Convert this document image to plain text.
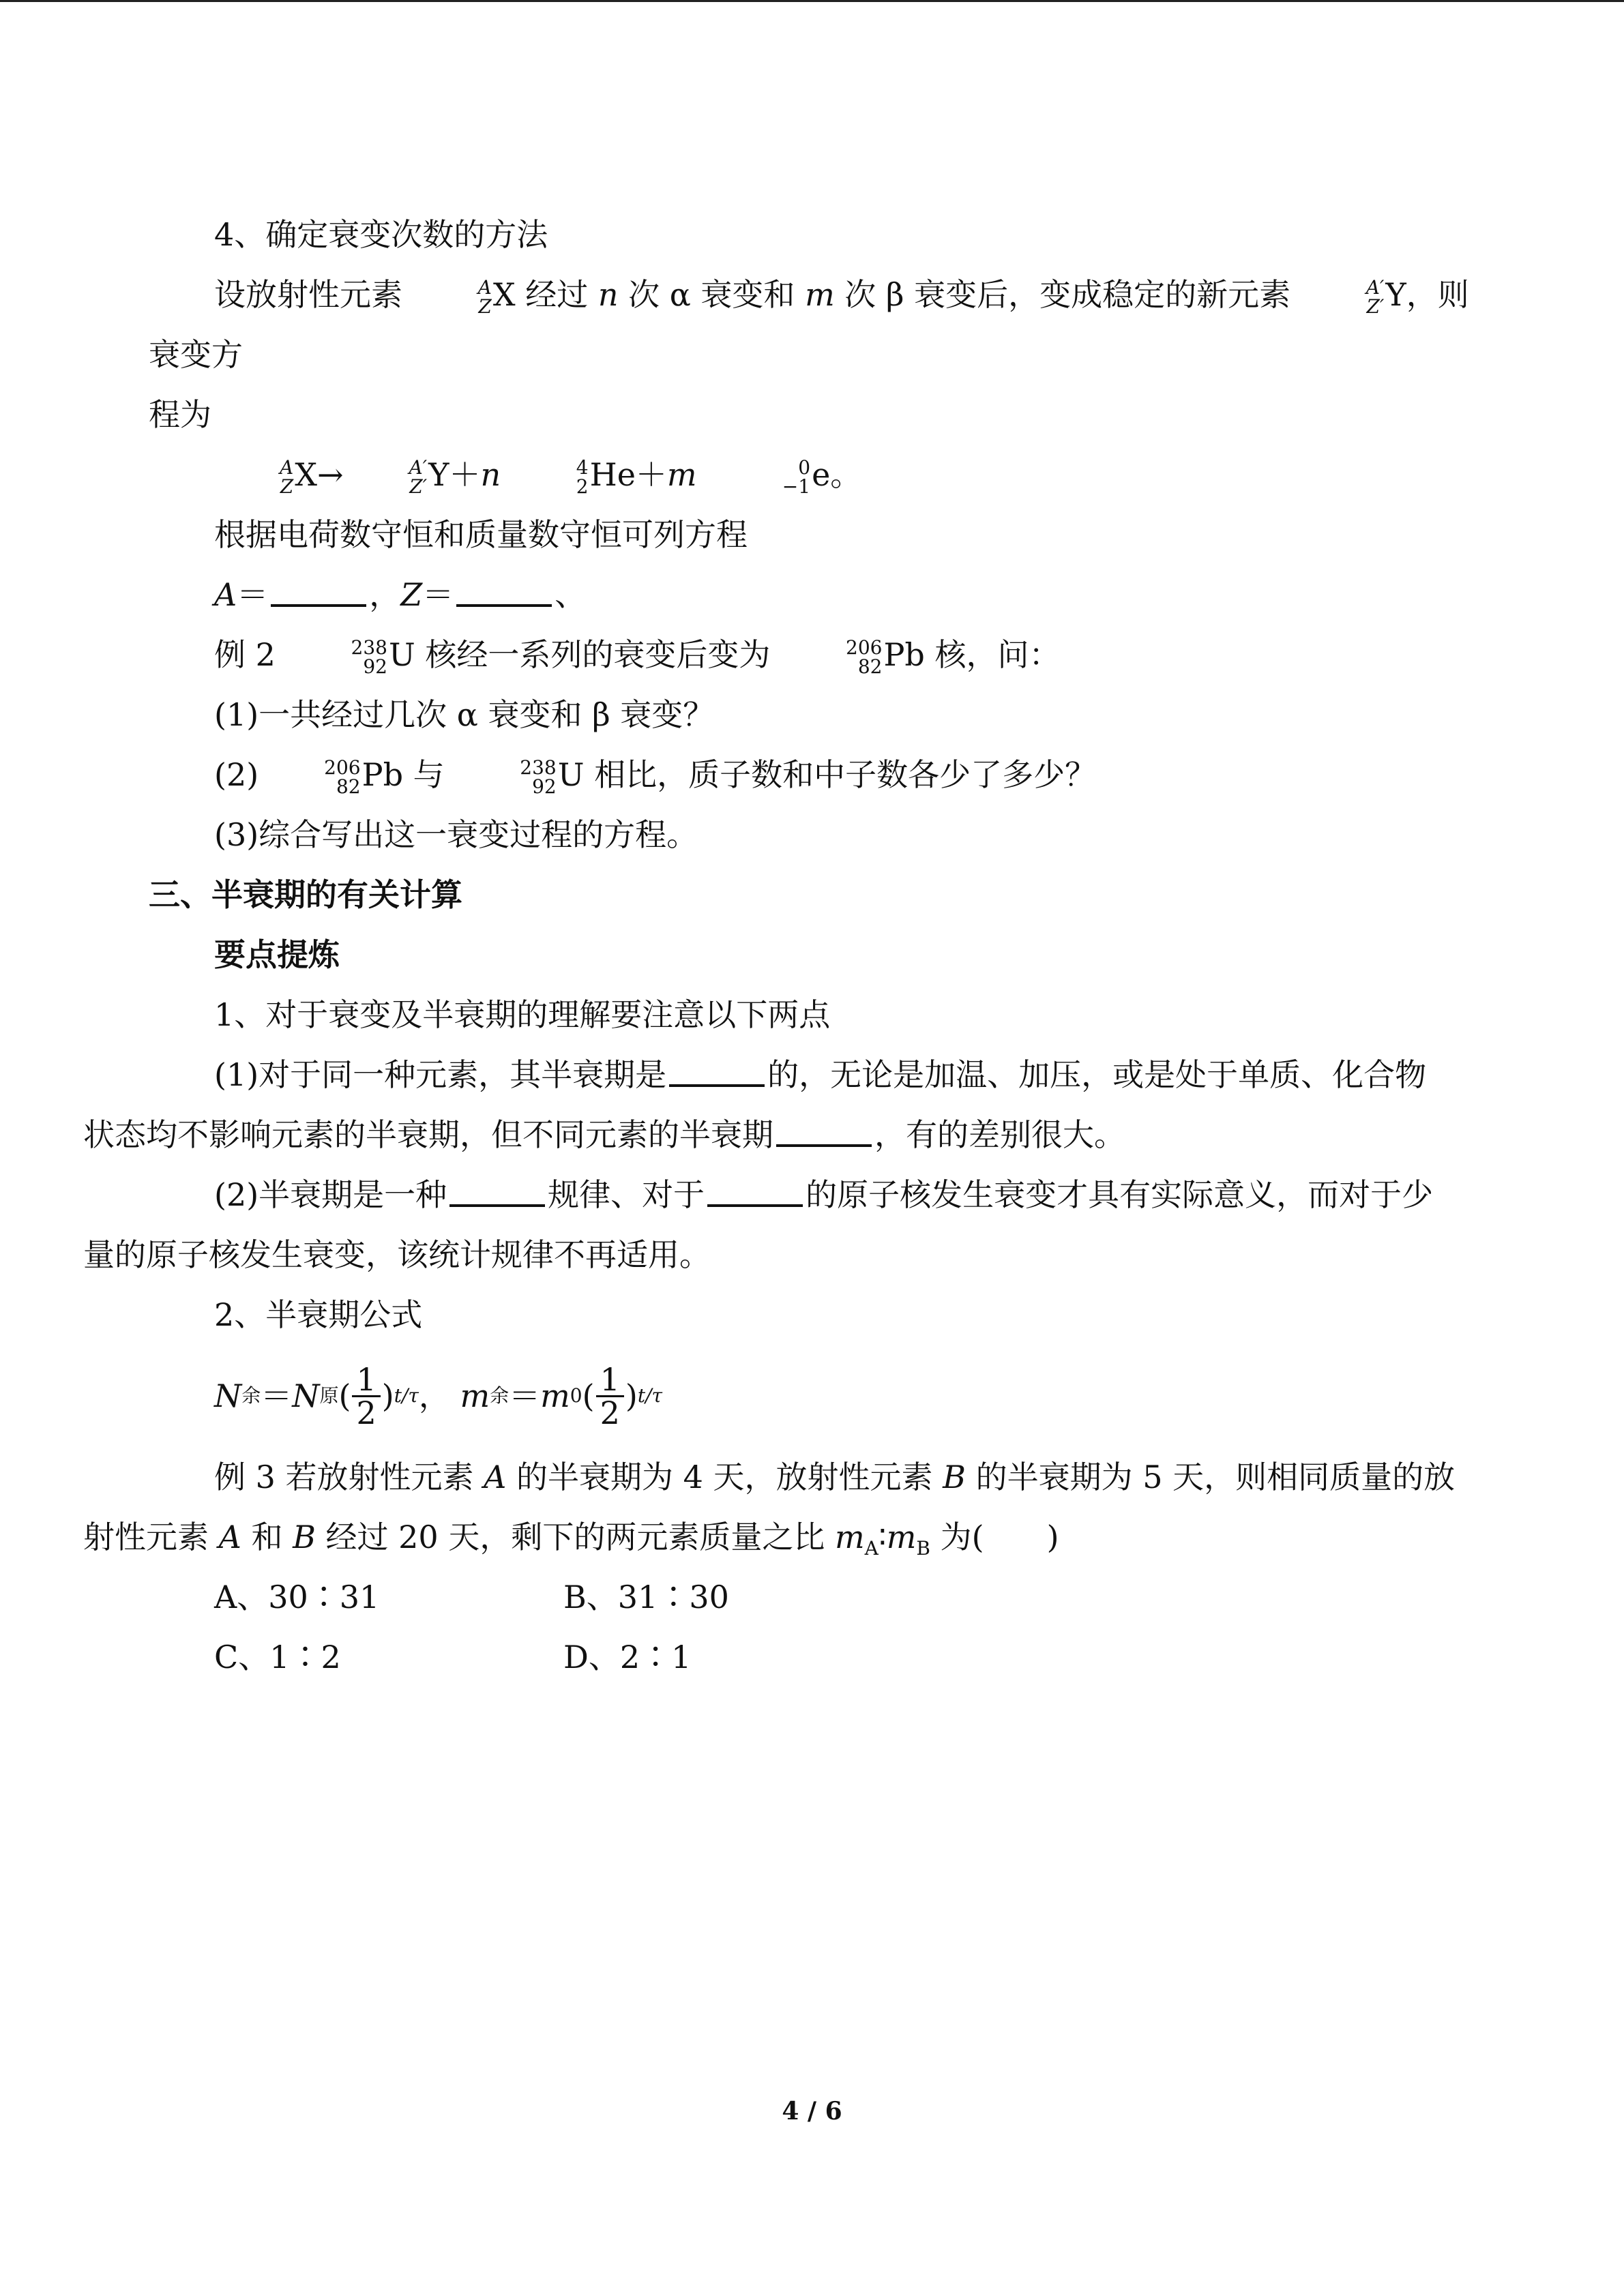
4、确定衰变次数的方法

设放射性元素	A
Z X 经过 n 次 α 衰变和 m 次 β 衰变后，变成稳定的新元素	A′
Z′ Y，则衰变方
程为

A
Z X→	A′
Z′ Y＋n	4
2 He＋m	0
−1 e。

根据电荷数守恒和质量数守恒可列方程

A＝	，Z＝	、

例 2	238
92 U 核经一系列的衰变后变为	206
82 Pb 核，问：

(1)一共经过几次 α 衰变和 β 衰变？

(2)	206
82 Pb 与	238
92 U 相比，质子数和中子数各少了多少？

(3)综合写出这一衰变过程的方程。

三、半衰期的有关计算

要点提炼

1、对于衰变及半衰期的理解要注意以下两点

(1)对于同一种元素，其半衰期是	的，无论是加温、加压，或是处于单质、化合物
状态均不影响元素的半衰期，但不同元素的半衰期	，有的差别很大。

(2)半衰期是一种	规律、对于	的原子核发生衰变才具有实际意义，而对于少
量的原子核发生衰变，该统计规律不再适用。

2、半衰期公式

N 余 ＝ N 原 ( $\frac{1}{2}$ ) t/τ ，
m 余 ＝ m 0 ( $\frac{1}{2}$ ) t/τ

例 3 若放射性元素 A 的半衰期为 4 天，放射性元素 B 的半衰期为 5 天，则相同质量的放
射性元素 A 和 B 经过 20 天，剩下的两元素质量之比 $m_A∶m_B$ 为(　　)

A、30∶31	B、31∶30
C、1∶2	D、2∶1
4 / 6
